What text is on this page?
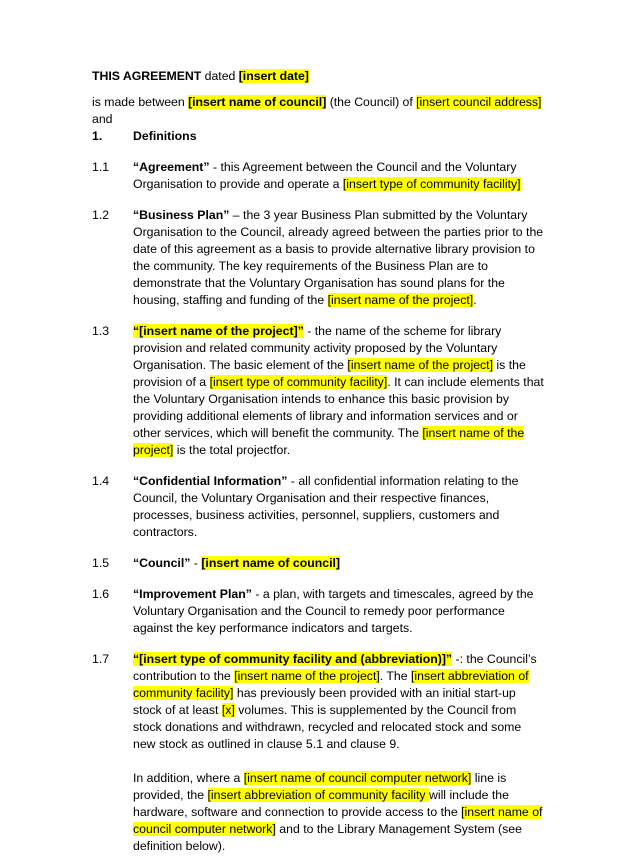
THIS AGREEMENT dated [insert date]

is made between [insert name of council] (the Council) of [insert council address] and

1.	Definitions
1.1	“Agreement” - this Agreement between the Council and the Voluntary Organisation to provide and operate a [insert type of community facility]

1.2	“Business Plan” – the 3 year Business Plan submitted by the Voluntary Organisation to the Council, already agreed between the parties prior to the date of this agreement as a basis to provide alternative library provision to the community. The key requirements of the Business Plan are to demonstrate that the Voluntary Organisation has sound plans for the housing, staffing and funding of the [insert name of the project].

1.3	“[insert name of the project]” - the name of the scheme for library provision and related community activity proposed by the Voluntary Organisation. The basic element of the [insert name of the project] is the provision of a [insert type of community facility]. It can include elements that the Voluntary Organisation intends to enhance this basic provision by providing additional elements of library and information services and or other services, which will benefit the community. The [insert name of the project] is the total projectfor.

1.4	“Confidential Information” - all confidential information relating to the Council, the Voluntary Organisation and their respective finances, processes, business activities, personnel, suppliers, customers and contractors.

1.5	“Council” - [insert name of council]

1.6	“Improvement Plan” - a plan, with targets and timescales, agreed by the Voluntary Organisation and the Council to remedy poor performance against the key performance indicators and targets.

1.7	“[insert type of community facility and (abbreviation)]” -: the Council’s contribution to the [insert name of the project]. The [insert abbreviation of community facility] has previously been provided with an initial start-up stock of at least [x] volumes. This is supplemented by the Council from stock donations and withdrawn, recycled and relocated stock and some new stock as outlined in clause 5.1 and clause 9.

In addition, where a [insert name of council computer network] line is provided, the [insert abbreviation of community facility will include the hardware, software and connection to provide access to the [insert name of council computer network] and to the Library Management System (see definition below).
